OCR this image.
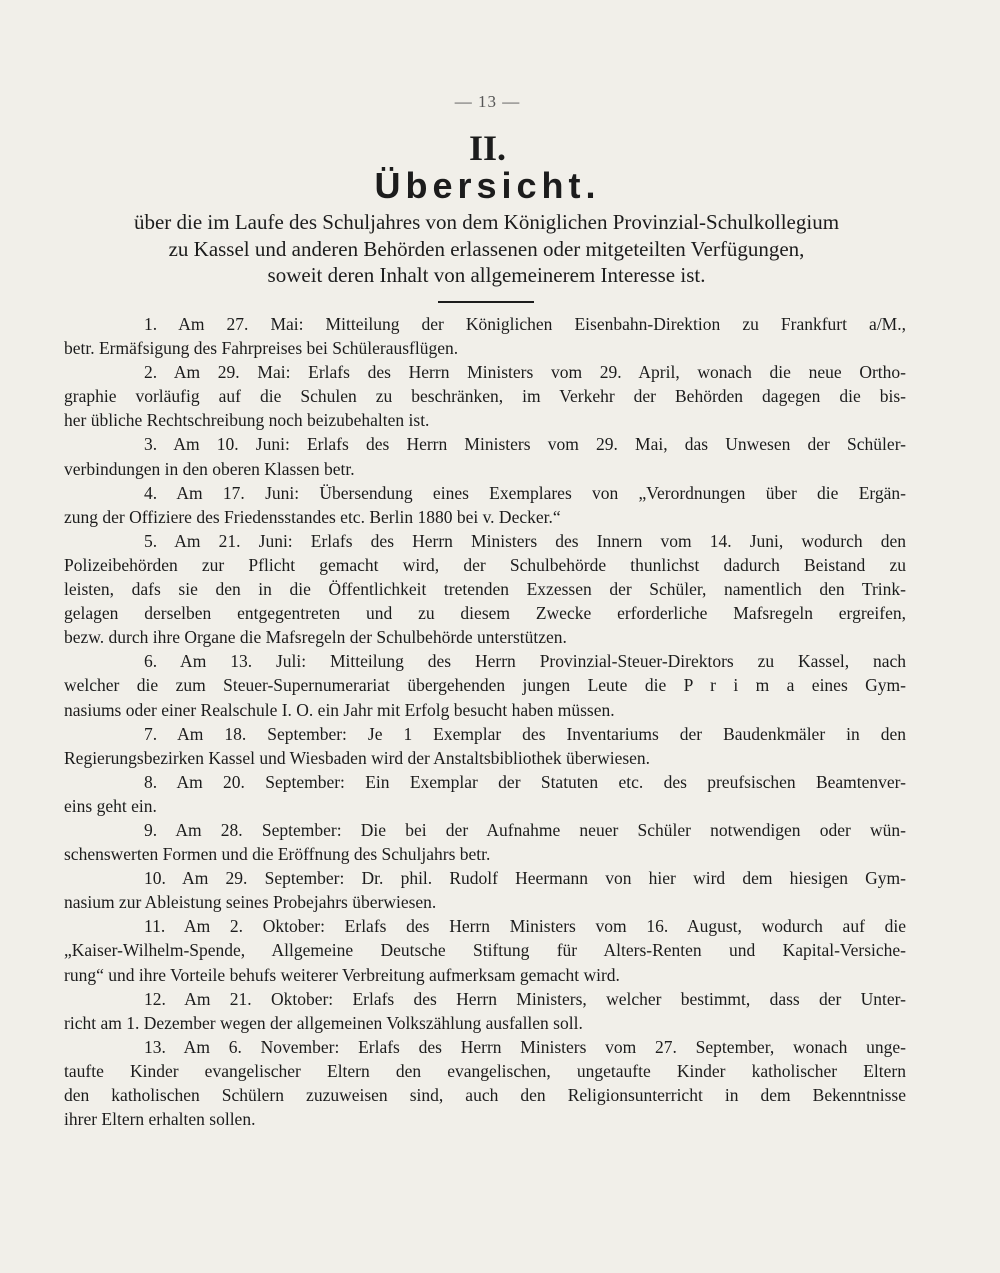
— 13 —
II.
Übersicht.
über die im Laufe des Schuljahres von dem Königlichen Provinzial-Schulkollegium
zu Kassel und anderen Behörden erlassenen oder mitgeteilten Verfügungen,
soweit deren Inhalt von allgemeinerem Interesse ist.
1. Am 27. Mai: Mitteilung der Königlichen Eisenbahn-Direktion zu Frankfurt a/M.,
betr. Ermäfsigung des Fahrpreises bei Schülerausflügen.
2. Am 29. Mai: Erlafs des Herrn Ministers vom 29. April, wonach die neue Ortho-
graphie vorläufig auf die Schulen zu beschränken, im Verkehr der Behörden dagegen die bis-
her übliche Rechtschreibung noch beizubehalten ist.
3. Am 10. Juni: Erlafs des Herrn Ministers vom 29. Mai, das Unwesen der Schüler-
verbindungen in den oberen Klassen betr.
4. Am 17. Juni: Übersendung eines Exemplares von „Verordnungen über die Ergän-
zung der Offiziere des Friedensstandes etc. Berlin 1880 bei v. Decker.“
5. Am 21. Juni: Erlafs des Herrn Ministers des Innern vom 14. Juni, wodurch den
Polizeibehörden zur Pflicht gemacht wird, der Schulbehörde thunlichst dadurch Beistand zu
leisten, dafs sie den in die Öffentlichkeit tretenden Exzessen der Schüler, namentlich den Trink-
gelagen derselben entgegentreten und zu diesem Zwecke erforderliche Mafsregeln ergreifen,
bezw. durch ihre Organe die Mafsregeln der Schulbehörde unterstützen.
6. Am 13. Juli: Mitteilung des Herrn Provinzial-Steuer-Direktors zu Kassel, nach
welcher die zum Steuer-Supernumerariat übergehenden jungen Leute die P r i m a eines Gym-
nasiums oder einer Realschule I. O. ein Jahr mit Erfolg besucht haben müssen.
7. Am 18. September: Je 1 Exemplar des Inventariums der Baudenkmäler in den
Regierungsbezirken Kassel und Wiesbaden wird der Anstaltsbibliothek überwiesen.
8. Am 20. September: Ein Exemplar der Statuten etc. des preufsischen Beamtenver-
eins geht ein.
9. Am 28. September: Die bei der Aufnahme neuer Schüler notwendigen oder wün-
schenswerten Formen und die Eröffnung des Schuljahrs betr.
10. Am 29. September: Dr. phil. Rudolf Heermann von hier wird dem hiesigen Gym-
nasium zur Ableistung seines Probejahrs überwiesen.
11. Am 2. Oktober: Erlafs des Herrn Ministers vom 16. August, wodurch auf die
„Kaiser-Wilhelm-Spende, Allgemeine Deutsche Stiftung für Alters-Renten und Kapital-Versiche-
rung“ und ihre Vorteile behufs weiterer Verbreitung aufmerksam gemacht wird.
12. Am 21. Oktober: Erlafs des Herrn Ministers, welcher bestimmt, dass der Unter-
richt am 1. Dezember wegen der allgemeinen Volkszählung ausfallen soll.
13. Am 6. November: Erlafs des Herrn Ministers vom 27. September, wonach unge-
taufte Kinder evangelischer Eltern den evangelischen, ungetaufte Kinder katholischer Eltern
den katholischen Schülern zuzuweisen sind, auch den Religionsunterricht in dem Bekenntnisse
ihrer Eltern erhalten sollen.
